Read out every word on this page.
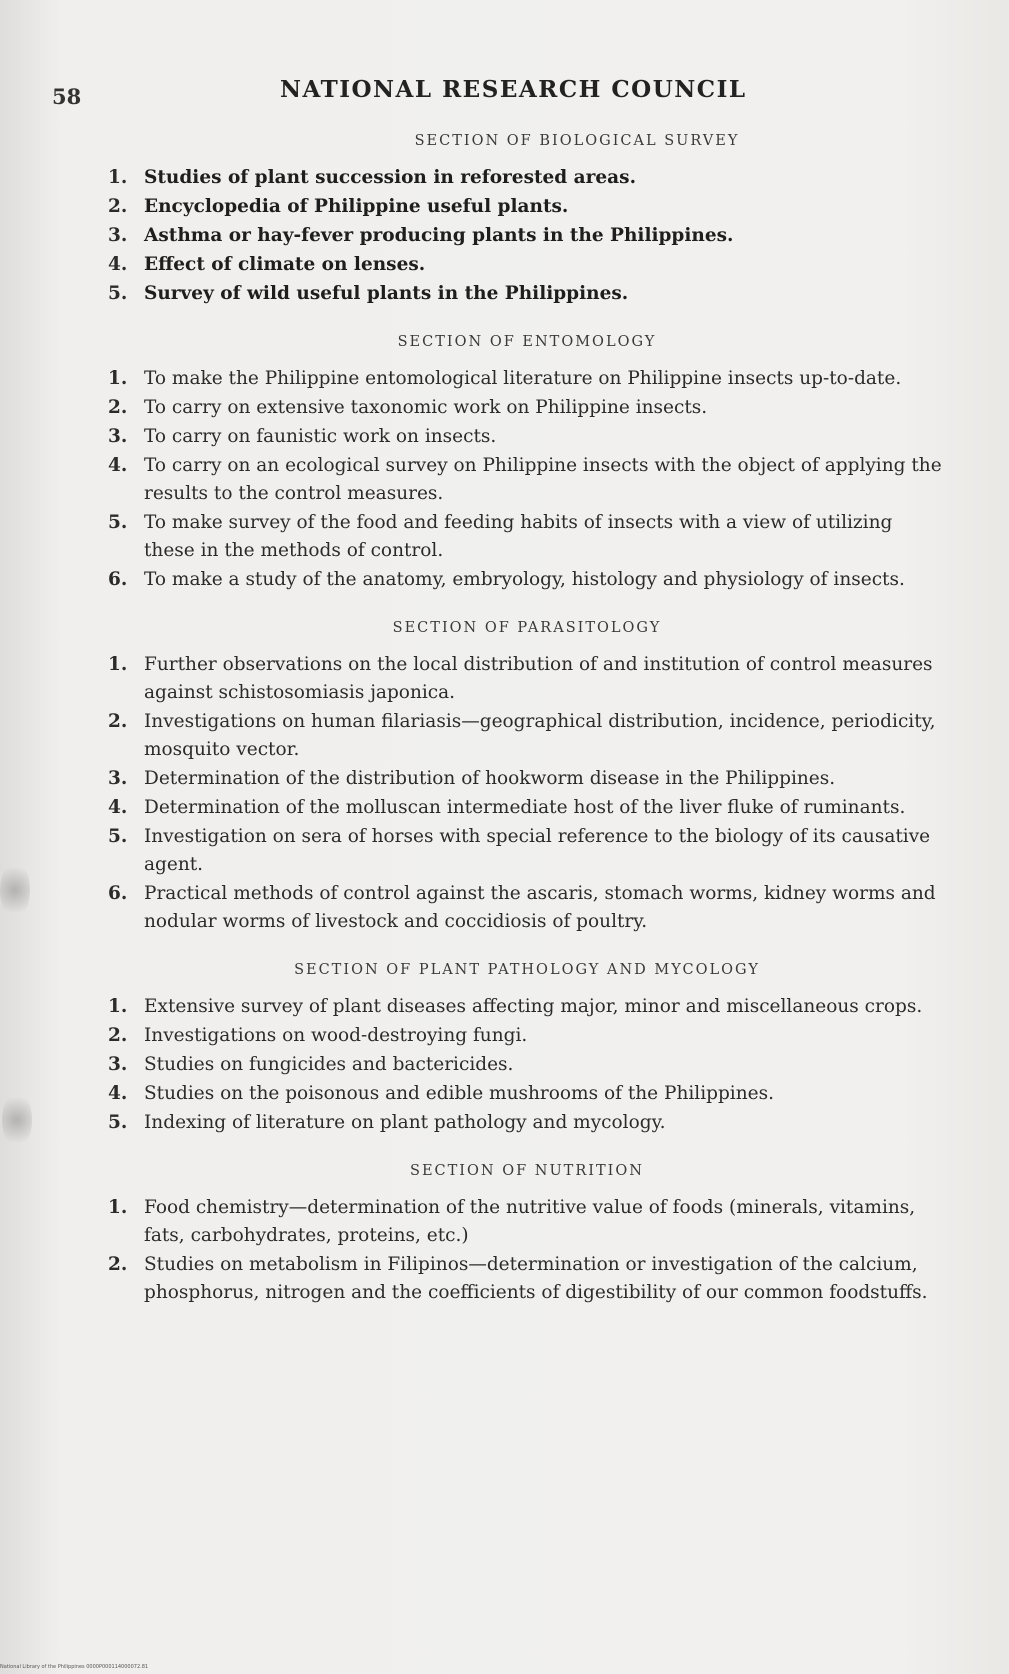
58	NATIONAL RESEARCH COUNCIL
SECTION OF BIOLOGICAL SURVEY
1. Studies of plant succession in reforested areas.
2. Encyclopedia of Philippine useful plants.
3. Asthma or hay-fever producing plants in the Philippines.
4. Effect of climate on lenses.
5. Survey of wild useful plants in the Philippines.
SECTION OF ENTOMOLOGY
1. To make the Philippine entomological literature on Philippine insects up-to-date.
2. To carry on extensive taxonomic work on Philippine insects.
3. To carry on faunistic work on insects.
4. To carry on an ecological survey on Philippine insects with the object of applying the results to the control measures.
5. To make survey of the food and feeding habits of insects with a view of utilizing these in the methods of control.
6. To make a study of the anatomy, embryology, histology and physiology of insects.
SECTION OF PARASITOLOGY
1. Further observations on the local distribution of and institution of control measures against schistosomiasis japonica.
2. Investigations on human filariasis—geographical distribution, incidence, periodicity, mosquito vector.
3. Determination of the distribution of hookworm disease in the Philippines.
4. Determination of the molluscan intermediate host of the liver fluke of ruminants.
5. Investigation on sera of horses with special reference to the biology of its causative agent.
6. Practical methods of control against the ascaris, stomach worms, kidney worms and nodular worms of livestock and coccidiosis of poultry.
SECTION OF PLANT PATHOLOGY AND MYCOLOGY
1. Extensive survey of plant diseases affecting major, minor and miscellaneous crops.
2. Investigations on wood-destroying fungi.
3. Studies on fungicides and bactericides.
4. Studies on the poisonous and edible mushrooms of the Philippines.
5. Indexing of literature on plant pathology and mycology.
SECTION OF NUTRITION
1. Food chemistry—determination of the nutritive value of foods (minerals, vitamins, fats, carbohydrates, proteins, etc.)
2. Studies on metabolism in Filipinos—determination or investigation of the calcium, phosphorus, nitrogen and the coefficients of digestibility of our common foodstuffs.
National Library of the Philippines 0000P000114000072.81
